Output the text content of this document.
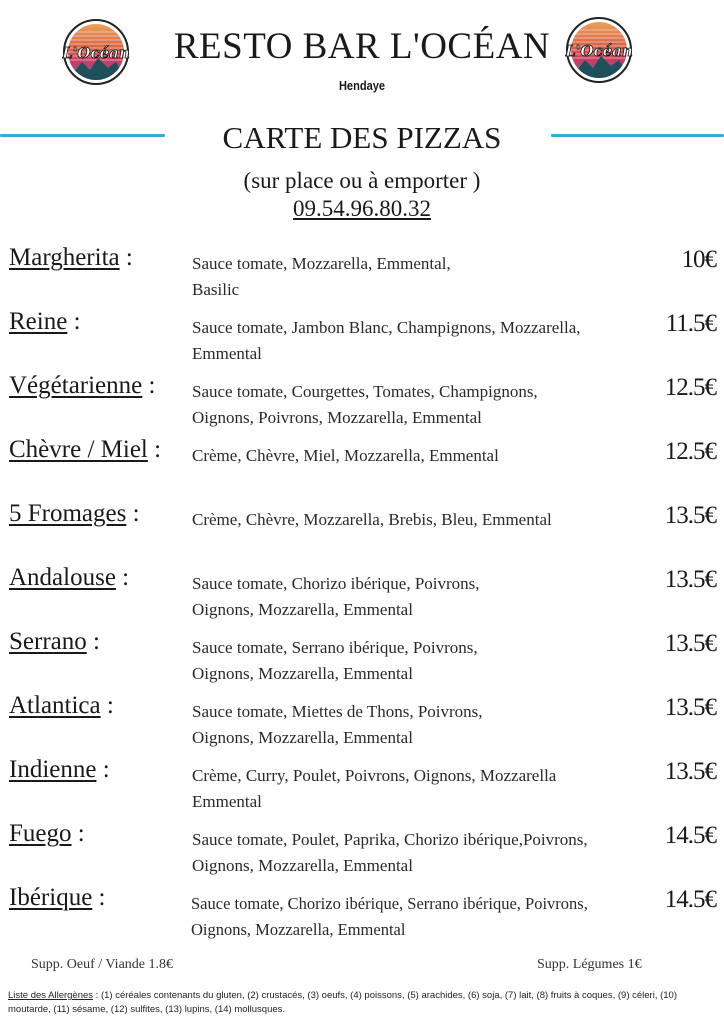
L'Océan	L'Océan
RESTO BAR L'OCÉAN
Hendaye
CARTE DES PIZZAS
(sur place ou à emporter )
09.54.96.80.32
Margherita :	Sauce tomate, Mozzarella, Emmental,
Basilic
10€
Reine :	Sauce tomate, Jambon Blanc, Champignons, Mozzarella,
Emmental
11.5€
Végétarienne : Sauce tomate, Courgettes, Tomates, Champignons,
Oignons, Poivrons, Mozzarella, Emmental
12.5€
Chèvre / Miel : Crème, Chèvre, Miel, Mozzarella, Emmental	12.5€
5 Fromages :	Crème, Chèvre, Mozzarella, Brebis, Bleu, Emmental	13.5€
Andalouse :	Sauce tomate, Chorizo ibérique, Poivrons,
Oignons, Mozzarella, Emmental
13.5€
Serrano :	Sauce tomate, Serrano ibérique, Poivrons,
Oignons, Mozzarella, Emmental
13.5€
Atlantica :	Sauce tomate, Miettes de Thons, Poivrons,
Oignons, Mozzarella, Emmental
13.5€
Indienne :	Crème, Curry, Poulet, Poivrons, Oignons, Mozzarella
Emmental
13.5€
Fuego :	Sauce tomate, Poulet, Paprika, Chorizo ibérique,Poivrons,
Oignons, Mozzarella, Emmental
14.5€
Ibérique :	Sauce tomate, Chorizo ibérique, Serrano ibérique, Poivrons,
Oignons, Mozzarella, Emmental
14.5€
Supp. Oeuf / Viande 1.8€	Supp. Légumes 1€
Liste des Allergènes : (1) céréales contenants du gluten, (2) crustacés, (3) oeufs, (4) poissons, (5) arachides, (6) soja, (7) lait, (8) fruits à coques, (9) céleri, (10) moutarde, (11) sésame, (12) sulfites, (13) lupins, (14) mollusques.
